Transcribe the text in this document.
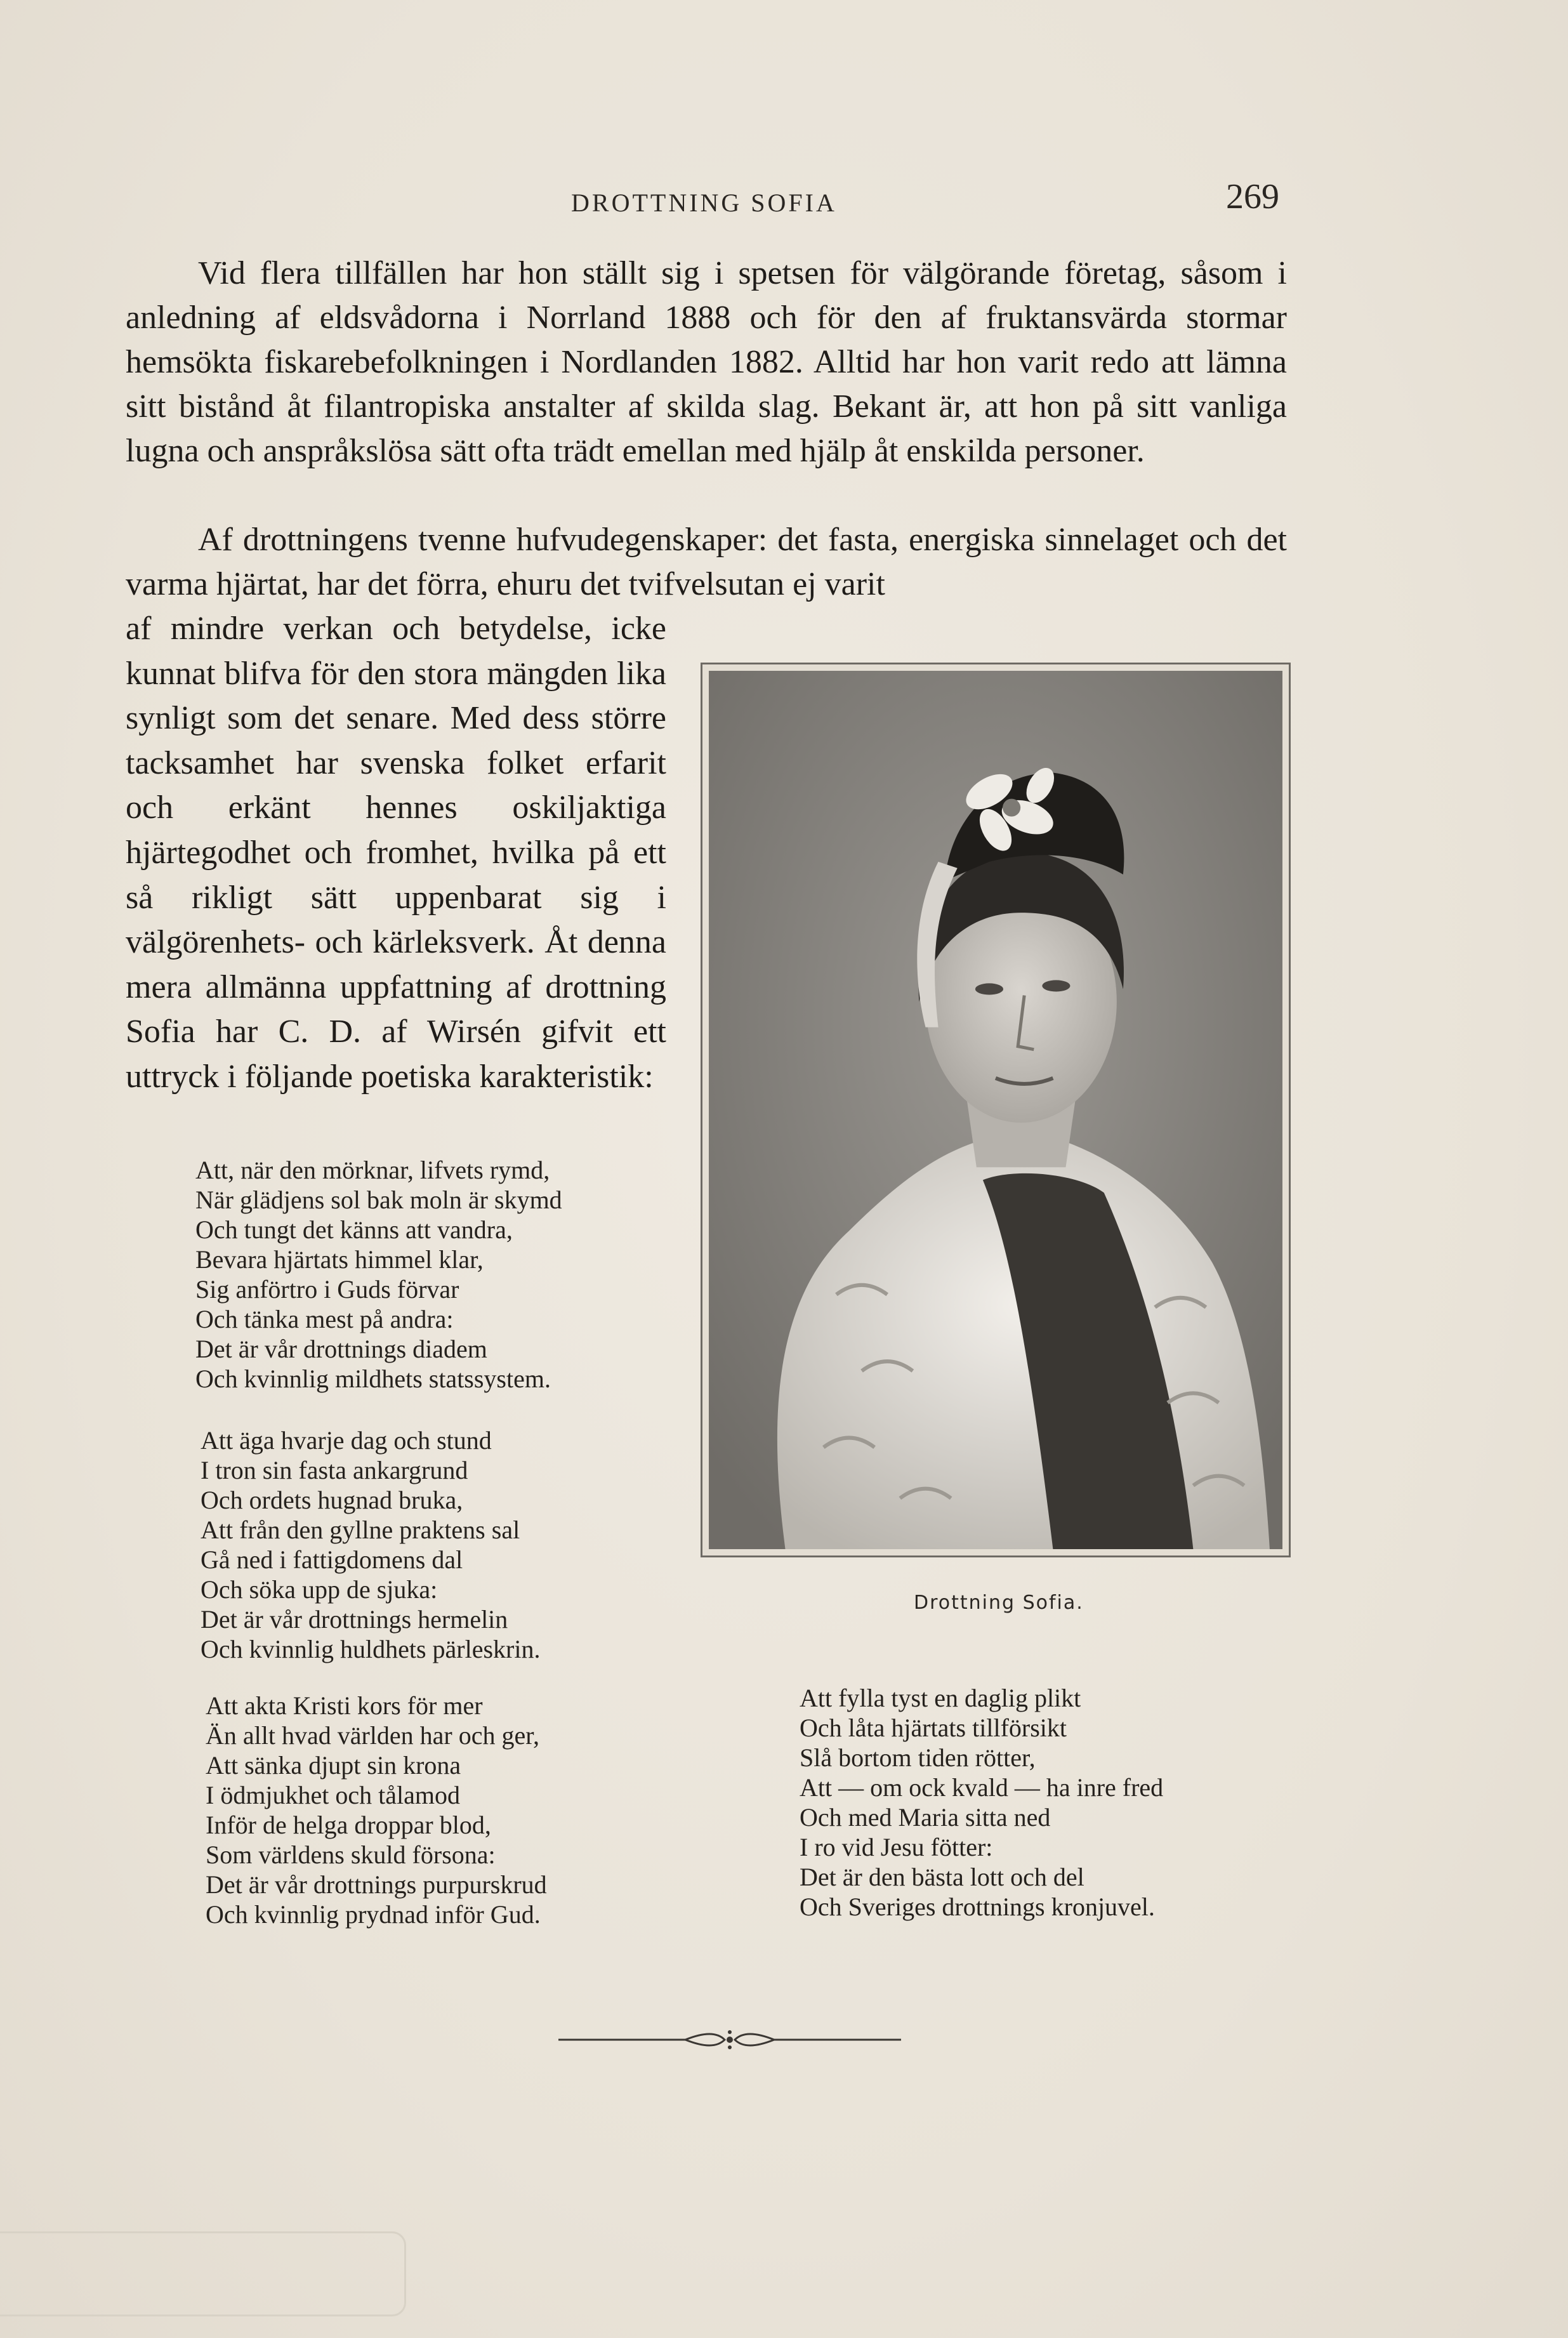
DROTTNING SOFIA	269

Vid flera tillfällen har hon ställt sig i spetsen för välgörande företag, såsom i anledning af eldsvådorna i Norrland 1888 och för den af fruktansvärda stormar hemsökta fiskarebefolkningen i Nordlanden 1882. Alltid har hon varit redo att lämna sitt bistånd åt filantropiska anstalter af skilda slag. Bekant är, att hon på sitt vanliga lugna och anspråkslösa sätt ofta trädt emellan med hjälp åt enskilda personer.

Af drottningens tvenne hufvudegenskaper: det fasta, energiska sinnelaget och det varma hjärtat, har det förra, ehuru det tvifvelsutan ej varit

af mindre verkan och betydelse, icke kunnat blifva för den stora mängden lika synligt som det senare. Med dess större tacksamhet har svenska folket erfarit och erkänt hennes oskiljaktiga hjärtegodhet och fromhet, hvilka på ett så rikligt sätt uppenbarat sig i välgörenhets- och kärleksverk. Åt denna mera allmänna uppfattning af drottning Sofia har C. D. af Wirsén gifvit ett uttryck i följande poetiska karakteristik:

Drottning Sofia.
Att, när den mörknar, lifvets rymd,
När glädjens sol bak moln är skymd
Och tungt det känns att vandra,
Bevara hjärtats himmel klar,
Sig anförtro i Guds förvar
Och tänka mest på andra:
Det är vår drottnings diadem
Och kvinnlig mildhets statssystem.
Att äga hvarje dag och stund
I tron sin fasta ankargrund
Och ordets hugnad bruka,
Att från den gyllne praktens sal
Gå ned i fattigdomens dal
Och söka upp de sjuka:
Det är vår drottnings hermelin
Och kvinnlig huldhets pärleskrin.
Att akta Kristi kors för mer
Än allt hvad världen har och ger,
Att sänka djupt sin krona
I ödmjukhet och tålamod
Inför de helga droppar blod,
Som världens skuld försona:
Det är vår drottnings purpurskrud
Och kvinnlig prydnad inför Gud.
Att fylla tyst en daglig plikt
Och låta hjärtats tillförsikt
Slå bortom tiden rötter,
Att — om ock kvald — ha inre fred
Och med Maria sitta ned
I ro vid Jesu fötter:
Det är den bästa lott och del
Och Sveriges drottnings kronjuvel.
